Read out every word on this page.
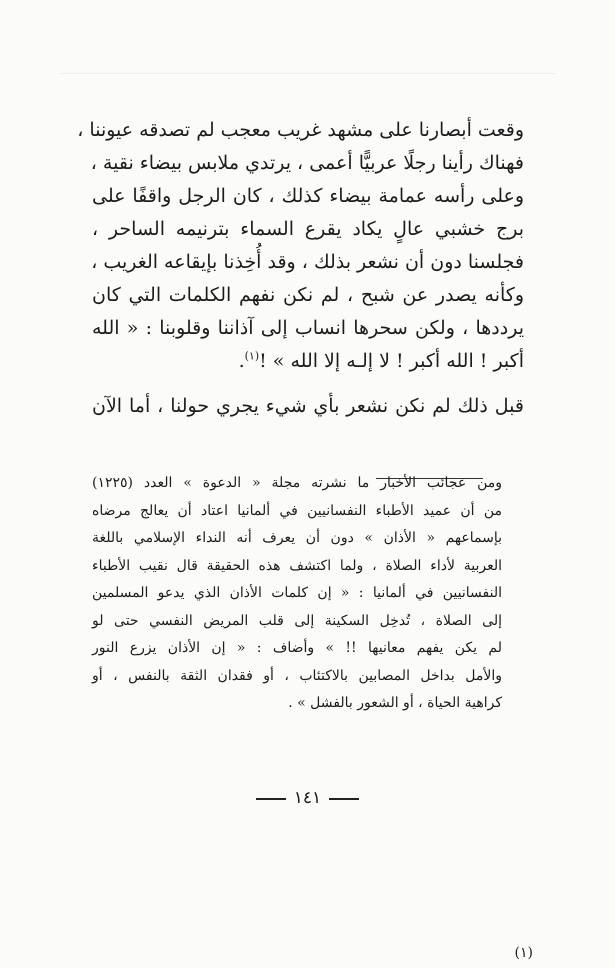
وقعت أبصارنا على مشهد غريب معجب لم تصدقه عيوننا ،
فهناك رأينا رجلًا عربيًّا أعمى ، يرتدي ملابس بيضاء نقية ،
وعلى رأسه عمامة بيضاء كذلك ، كان الرجل واقفًا على
برج خشبي عالٍ يكاد يقرع السماء بترنيمه الساحر ،
فجلسنا دون أن نشعر بذلك ، وقد أُخِذنا بإيقاعه الغريب ،
وكأنه يصدر عن شبح ، لم نكن نفهم الكلمات التي كان
يرددها ، ولكن سحرها انساب إلى آذاننا وقلوبنا : « الله
أكبر ! الله أكبر ! لا إلـه إلا الله » !$^{(١)}$.
قبل ذلك لم نكن نشعر بأي شيء يجري حولنا ، أما الآن
(١)
ومن عجائب الأخبار ما نشرته مجلة « الدعوة » العدد (١٢٢٥)
من أن عميد الأطباء النفسانيين في ألمانيا اعتاد أن يعالج مرضاه
بإسماعهم « الأذان » دون أن يعرف أنه النداء الإسلامي باللغة
العربية لأداء الصلاة ، ولما اكتشف هذه الحقيقة قال نقيب الأطباء
النفسانيين في ألمانيا : « إن كلمات الأذان الذي يدعو المسلمين
إلى الصلاة ، تُدخِل السكينة إلى قلب المريض النفسي حتى لو
لم يكن يفهم معانيها !! » وأضاف : « إن الأذان يزرع النور
والأمل بداخل المصابين بالاكتئاب ، أو فقدان الثقة بالنفس ، أو
كراهية الحياة ، أو الشعور بالفشل » .
١٤١
